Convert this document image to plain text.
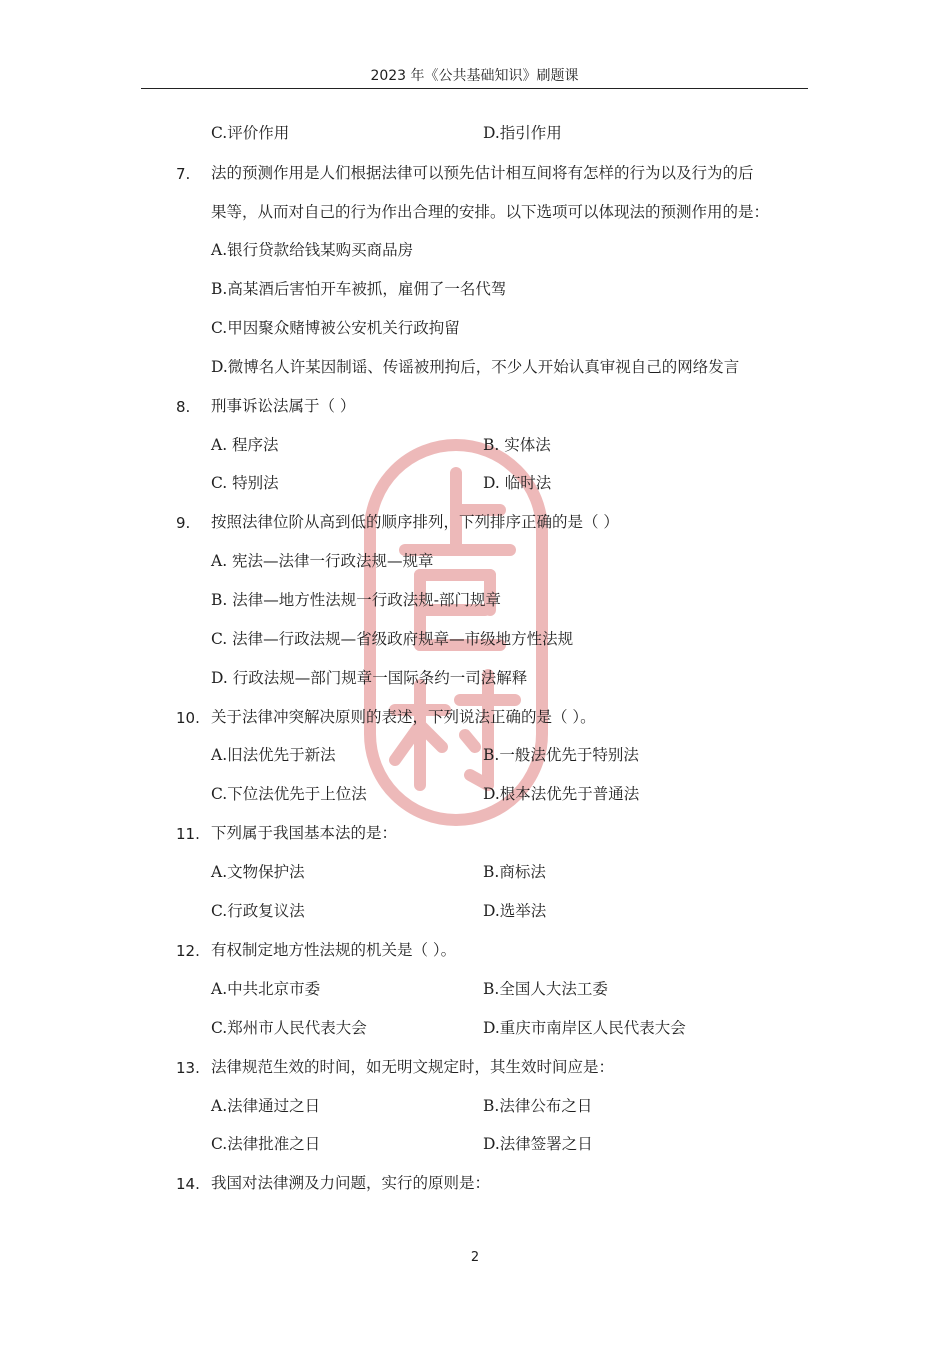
2023 年《公共基础知识》刷题课
C.评价作用	D.指引作用
7. 法的预测作用是人们根据法律可以预先估计相互间将有怎样的行为以及行为的后
果等，从而对自己的行为作出合理的安排。以下选项可以体现法的预测作用的是：
A.银行贷款给钱某购买商品房
B.高某酒后害怕开车被抓，雇佣了一名代驾
C.甲因聚众赌博被公安机关行政拘留
D.微博名人许某因制谣、传谣被刑拘后，不少人开始认真审视自己的网络发言
8. 刑事诉讼法属于（ ）
A. 程序法	B. 实体法
C. 特别法	D. 临时法
9. 按照法律位阶从高到低的顺序排列，下列排序正确的是（ ）
A. 宪法—法律一行政法规—规章
B. 法律—地方性法规一行政法规-部门规章
C. 法律—行政法规—省级政府规章—市级地方性法规
D. 行政法规—部门规章一国际条约一司法解释
10. 关于法律冲突解决原则的表述，下列说法正确的是（ ）。
A.旧法优先于新法	B.一般法优先于特别法
C.下位法优先于上位法	D.根本法优先于普通法
11. 下列属于我国基本法的是：
A.文物保护法	B.商标法
C.行政复议法	D.选举法
12. 有权制定地方性法规的机关是（ ）。
A.中共北京市委	B.全国人大法工委
C.郑州市人民代表大会	D.重庆市南岸区人民代表大会
13. 法律规范生效的时间，如无明文规定时，其生效时间应是：
A.法律通过之日	B.法律公布之日
C.法律批准之日	D.法律签署之日
14. 我国对法律溯及力问题，实行的原则是：
2
